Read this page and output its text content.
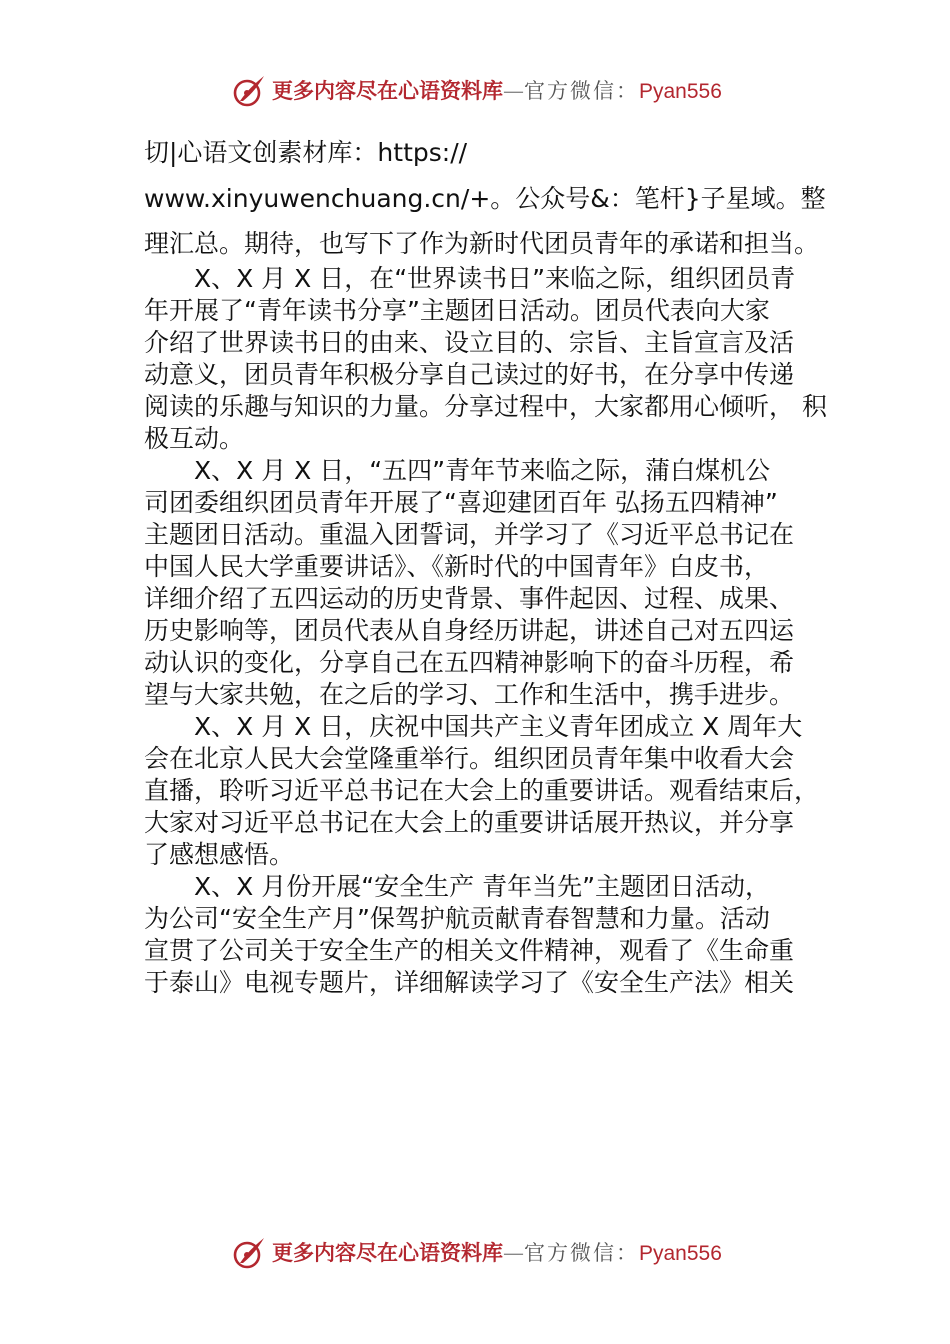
更多内容尽在心语资料库—官方微信：Pyan556
切|心语文创素材库：https://
www.xinyuwenchuang.cn/+。公众号&：笔杆}子星域。整
理汇总。期待，也写下了作为新时代团员青年的承诺和担当。
　　X、X 月 X 日，在“世界读书日”来临之际，组织团员青
年开展了“青年读书分享”主题团日活动。团员代表向大家
介绍了世界读书日的由来、设立目的、宗旨、主旨宣言及活
动意义，团员青年积极分享自己读过的好书，在分享中传递
阅读的乐趣与知识的力量。分享过程中，大家都用心倾听， 积
极互动。
　　X、X 月 X 日，“五四”青年节来临之际，蒲白煤机公
司团委组织团员青年开展了“喜迎建团百年 弘扬五四精神”
主题团日活动。重温入团誓词，并学习了《习近平总书记在
中国人民大学重要讲话》、《新时代的中国青年》白皮书，
详细介绍了五四运动的历史背景、事件起因、过程、成果、
历史影响等，团员代表从自身经历讲起，讲述自己对五四运
动认识的变化，分享自己在五四精神影响下的奋斗历程，希
望与大家共勉，在之后的学习、工作和生活中，携手进步。
　　X、X 月 X 日，庆祝中国共产主义青年团成立 X 周年大
会在北京人民大会堂隆重举行。组织团员青年集中收看大会
直播，聆听习近平总书记在大会上的重要讲话。观看结束后，
大家对习近平总书记在大会上的重要讲话展开热议，并分享
了感想感悟。
　　X、X 月份开展“安全生产 青年当先”主题团日活动，
为公司“安全生产月”保驾护航贡献青春智慧和力量。活动
宣贯了公司关于安全生产的相关文件精神，观看了《生命重
于泰山》电视专题片，详细解读学习了《安全生产法》相关
更多内容尽在心语资料库—官方微信：Pyan556
